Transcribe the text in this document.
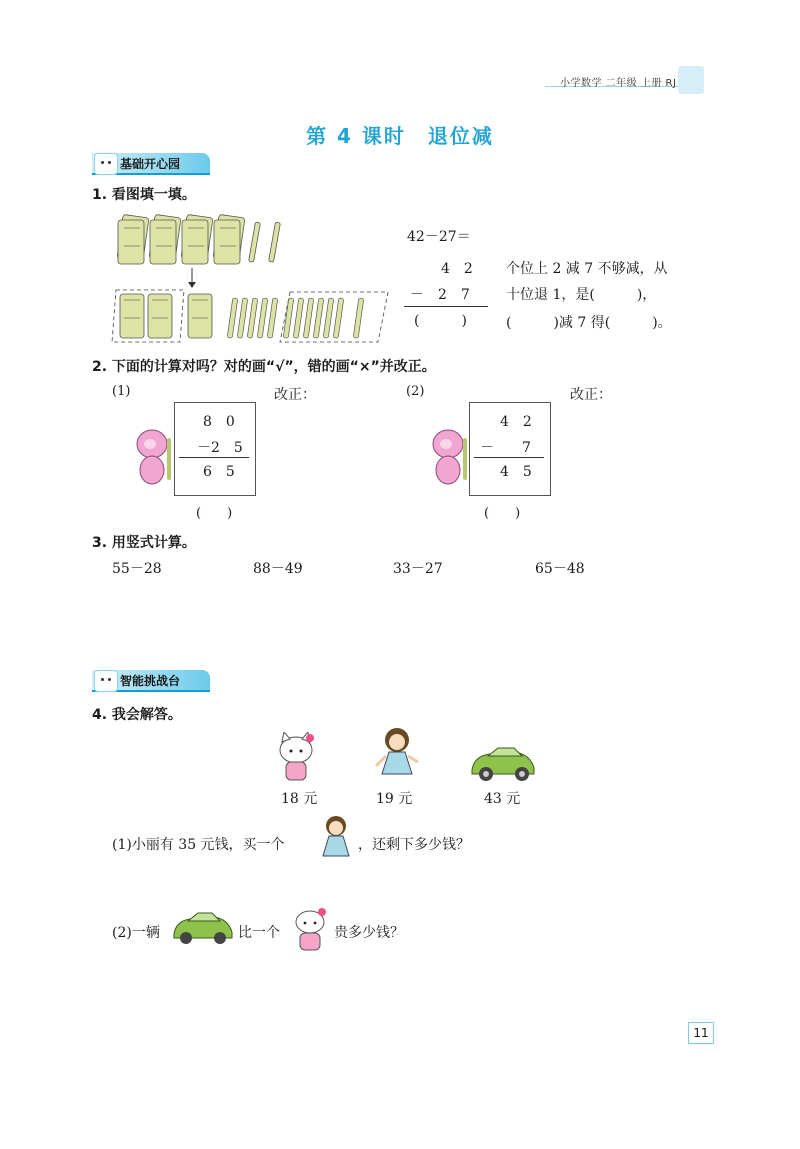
小学数学 二年级 上册 RJ
第 4 课时　退位减
基础开心园
1. 看图填一填。
42－27＝
4　2
－　2　7
(　　　)
个位上 2 减 7 不够减，从
十位退 1，是(　　　)，
(　　　)减 7 得(　　　)。
2. 下面的计算对吗？对的画“√”，错的画“×”并改正。
(1)	改正：	(2)	改正：
8　0
－2　5
6　5
(　　)
4　2
－　　7
4　5
(　　)
3. 用竖式计算。
55－28	88－49	33－27	65－48
智能挑战台
4. 我会解答。
18 元	19 元	43 元
(1)小丽有 35 元钱，买一个	，还剩下多少钱？
(2)一辆	比一个	贵多少钱？
11
